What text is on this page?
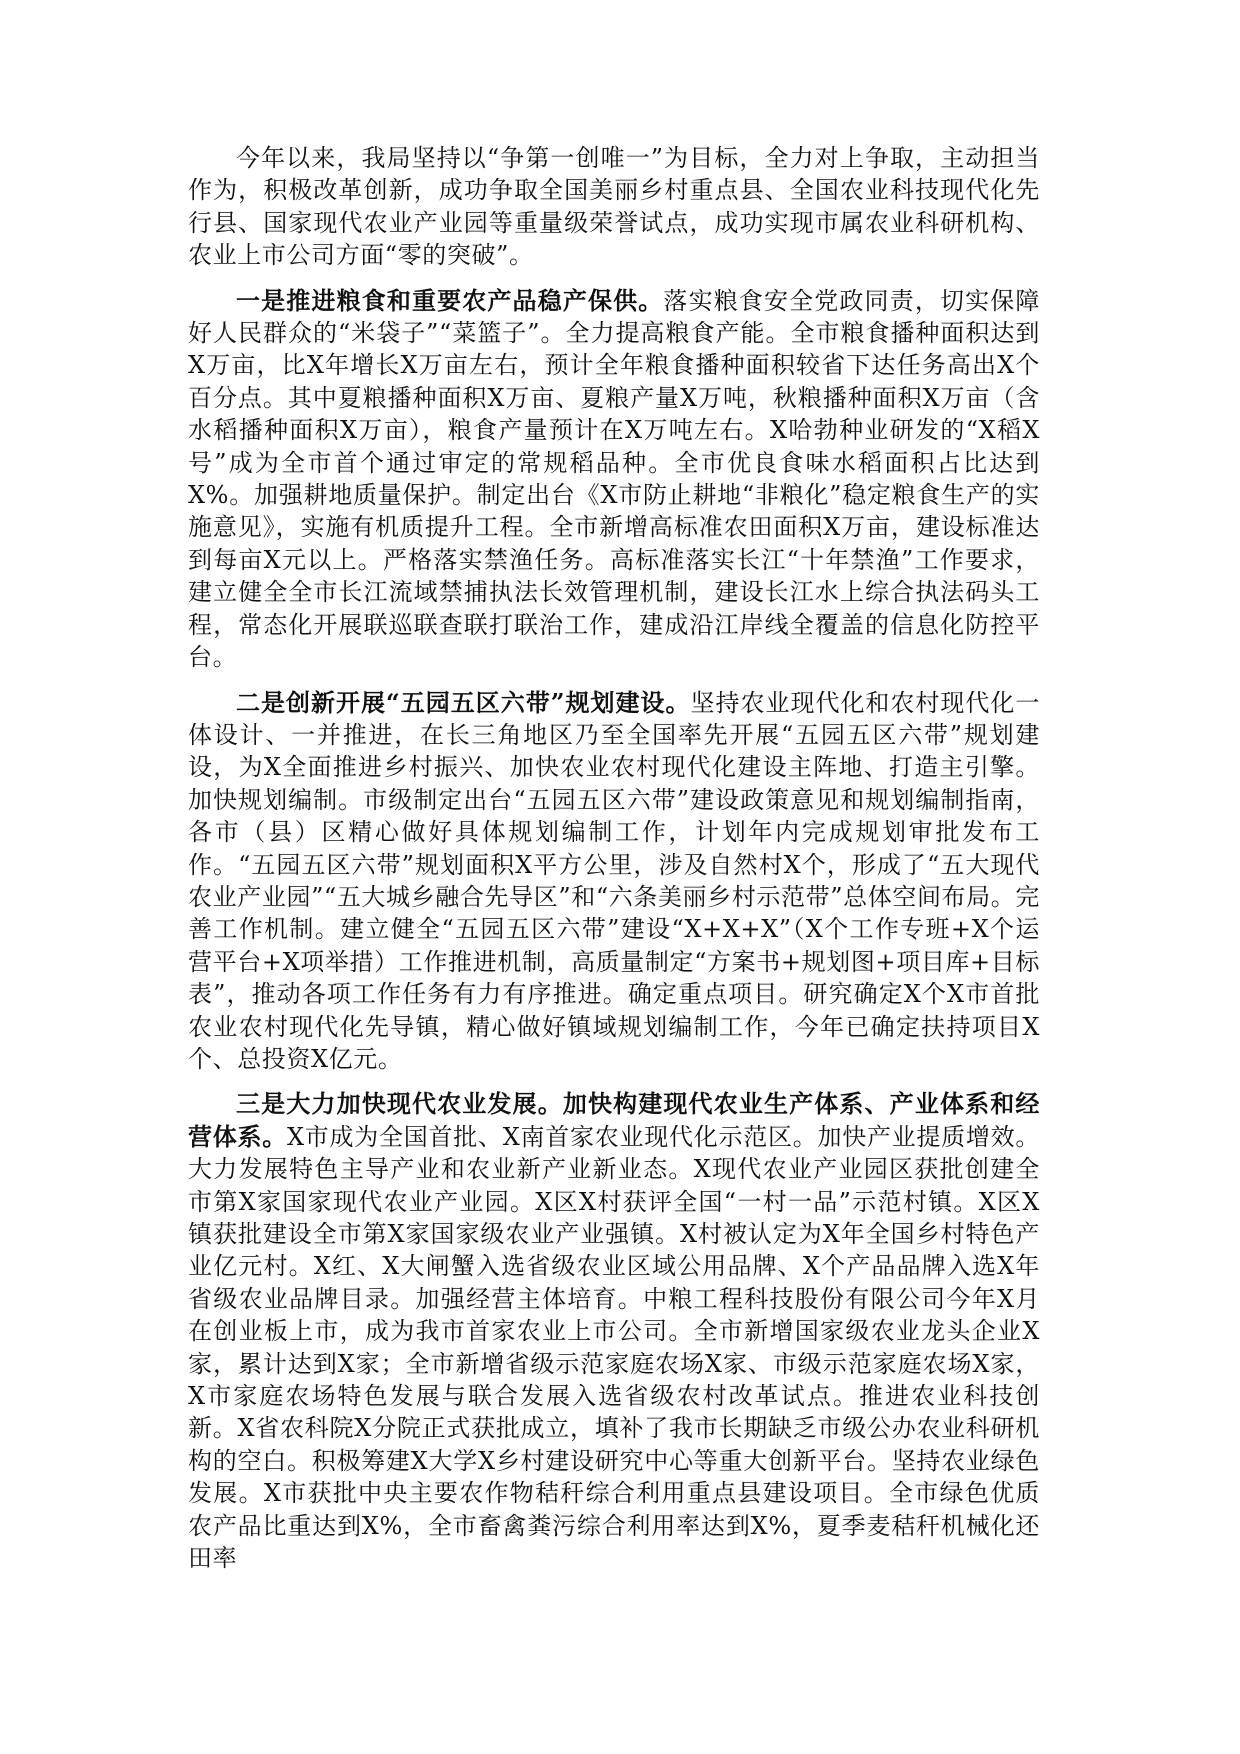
今年以来，我局坚持以“争第一创唯一”为目标，全力对上争取，主动担当作为，积极改革创新，成功争取全国美丽乡村重点县、全国农业科技现代化先行县、国家现代农业产业园等重量级荣誉试点，成功实现市属农业科研机构、农业上市公司方面“零的突破”。

一是推进粮食和重要农产品稳产保供。落实粮食安全党政同责，切实保障好人民群众的“米袋子”“菜篮子”。全力提高粮食产能。全市粮食播种面积达到X万亩，比X年增长X万亩左右，预计全年粮食播种面积较省下达任务高出X个百分点。其中夏粮播种面积X万亩、夏粮产量X万吨，秋粮播种面积X万亩（含水稻播种面积X万亩），粮食产量预计在X万吨左右。X哈勃种业研发的“X稻X号”成为全市首个通过审定的常规稻品种。全市优良食味水稻面积占比达到X%。加强耕地质量保护。制定出台《X市防止耕地“非粮化”稳定粮食生产的实施意见》，实施有机质提升工程。全市新增高标准农田面积X万亩，建设标准达到每亩X元以上。严格落实禁渔任务。高标准落实长江“十年禁渔”工作要求，建立健全全市长江流域禁捕执法长效管理机制，建设长江水上综合执法码头工程，常态化开展联巡联查联打联治工作，建成沿江岸线全覆盖的信息化防控平台。

二是创新开展“五园五区六带”规划建设。坚持农业现代化和农村现代化一体设计、一并推进，在长三角地区乃至全国率先开展“五园五区六带”规划建设，为X全面推进乡村振兴、加快农业农村现代化建设主阵地、打造主引擎。加快规划编制。市级制定出台“五园五区六带”建设政策意见和规划编制指南，各市（县）区精心做好具体规划编制工作，计划年内完成规划审批发布工作。“五园五区六带”规划面积X平方公里，涉及自然村X个，形成了“五大现代农业产业园”“五大城乡融合先导区”和“六条美丽乡村示范带”总体空间布局。完善工作机制。建立健全“五园五区六带”建设“X+X+X”（X个工作专班+X个运营平台+X项举措）工作推进机制，高质量制定“方案书+规划图+项目库+目标表”，推动各项工作任务有力有序推进。确定重点项目。研究确定X个X市首批农业农村现代化先导镇，精心做好镇域规划编制工作，今年已确定扶持项目X个、总投资X亿元。

三是大力加快现代农业发展。加快构建现代农业生产体系、产业体系和经营体系。X市成为全国首批、X南首家农业现代化示范区。加快产业提质增效。大力发展特色主导产业和农业新产业新业态。X现代农业产业园区获批创建全市第X家国家现代农业产业园。X区X村获评全国“一村一品”示范村镇。X区X镇获批建设全市第X家国家级农业产业强镇。X村被认定为X年全国乡村特色产业亿元村。X红、X大闸蟹入选省级农业区域公用品牌、X个产品品牌入选X年省级农业品牌目录。加强经营主体培育。中粮工程科技股份有限公司今年X月在创业板上市，成为我市首家农业上市公司。全市新增国家级农业龙头企业X家，累计达到X家；全市新增省级示范家庭农场X家、市级示范家庭农场X家，X市家庭农场特色发展与联合发展入选省级农村改革试点。推进农业科技创新。X省农科院X分院正式获批成立，填补了我市长期缺乏市级公办农业科研机构的空白。积极筹建X大学X乡村建设研究中心等重大创新平台。坚持农业绿色发展。X市获批中央主要农作物秸秆综合利用重点县建设项目。全市绿色优质农产品比重达到X%，全市畜禽粪污综合利用率达到X%，夏季麦秸秆机械化还田率
